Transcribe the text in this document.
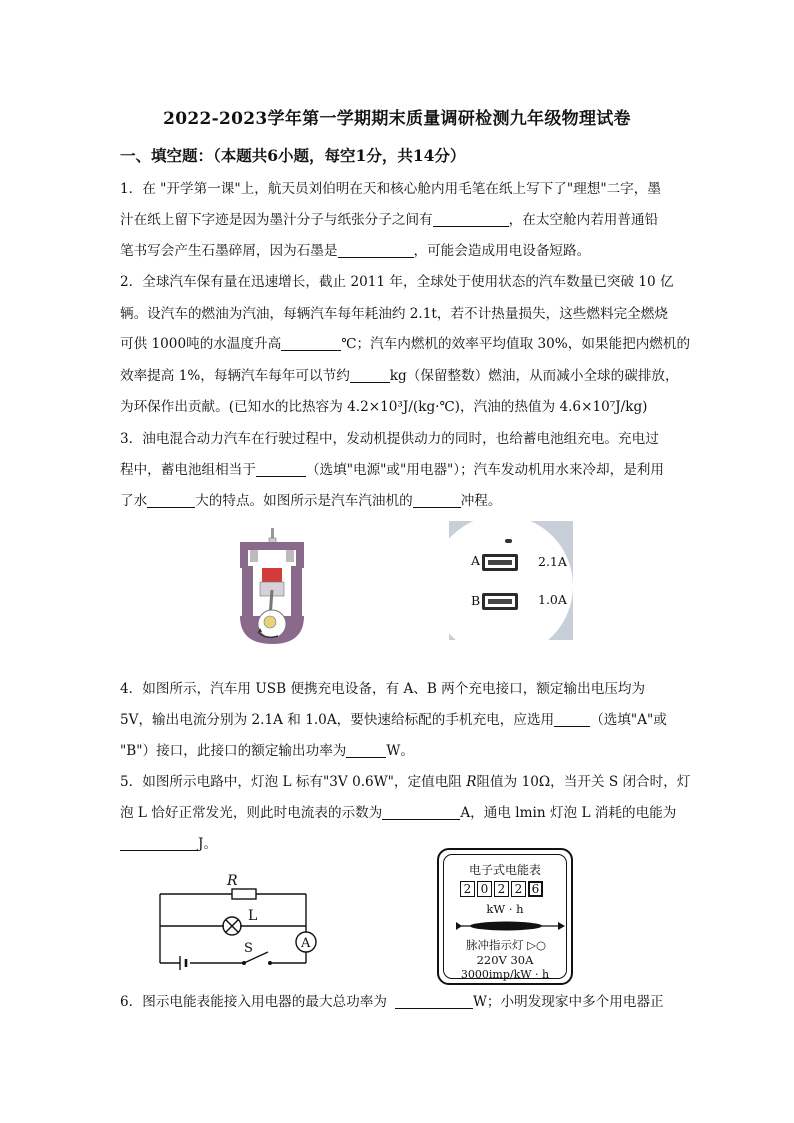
2022-2023学年第一学期期末质量调研检测九年级物理试卷
一、填空题：（本题共6小题，每空1分，共14分）
1．在 "开学第一课"上，航天员刘伯明在天和核心舱内用毛笔在纸上写下了"理想"二字，墨
汁在纸上留下字迹是因为墨汁分子与纸张分子之间有	，在太空舱内若用普通铅
笔书写会产生石墨碎屑，因为石墨是	，可能会造成用电设备短路。
2．全球汽车保有量在迅速增长，截止 2011 年，全球处于使用状态的汽车数量已突破 10 亿
辆。设汽车的燃油为汽油，每辆汽车每年耗油约 2.1t，若不计热量损失，这些燃料完全燃烧
可供 1000吨的水温度升高	℃；汽车内燃机的效率平均值取 30%，如果能把内燃机的
效率提高 1%，每辆汽车每年可以节约	kg（保留整数）燃油，从而减小全球的碳排放，
为环保作出贡献。(已知水的比热容为 4.2×10³J/(kg·℃)，汽油的热值为 4.6×10⁷J/kg)
3．油电混合动力汽车在行驶过程中，发动机提供动力的同时，也给蓄电池组充电。充电过
程中，蓄电池组相当于	（选填"电源"或"用电器"）；汽车发动机用水来冷却，是利用
了水	大的特点。如图所示是汽车汽油机的	冲程。
A
B
2.1A
1.0A
4．如图所示，汽车用 USB 便携充电设备，有 A、B 两个充电接口，额定输出电压均为
5V，输出电流分别为 2.1A 和 1.0A，要快速给标配的手机充电，应选用	（选填"A"或
"B"）接口，此接口的额定输出功率为	W。
5．如图所示电路中，灯泡 L 标有"3V 0.6W"，定值电阻 R阻值为 10Ω，当开关 S 闭合时，灯
泡 L 恰好正常发光，则此时电流表的示数为	A，通电 lmin 灯泡 L 消耗的电能为
J。
R
L
S	A
电子式电能表
2 0 2 2 6
kW · h
脉冲指示灯 ▷○
220V 30A
3000imp/kW · h
6．图示电能表能接入用电器的最大总功率为	W；小明发现家中多个用电器正
